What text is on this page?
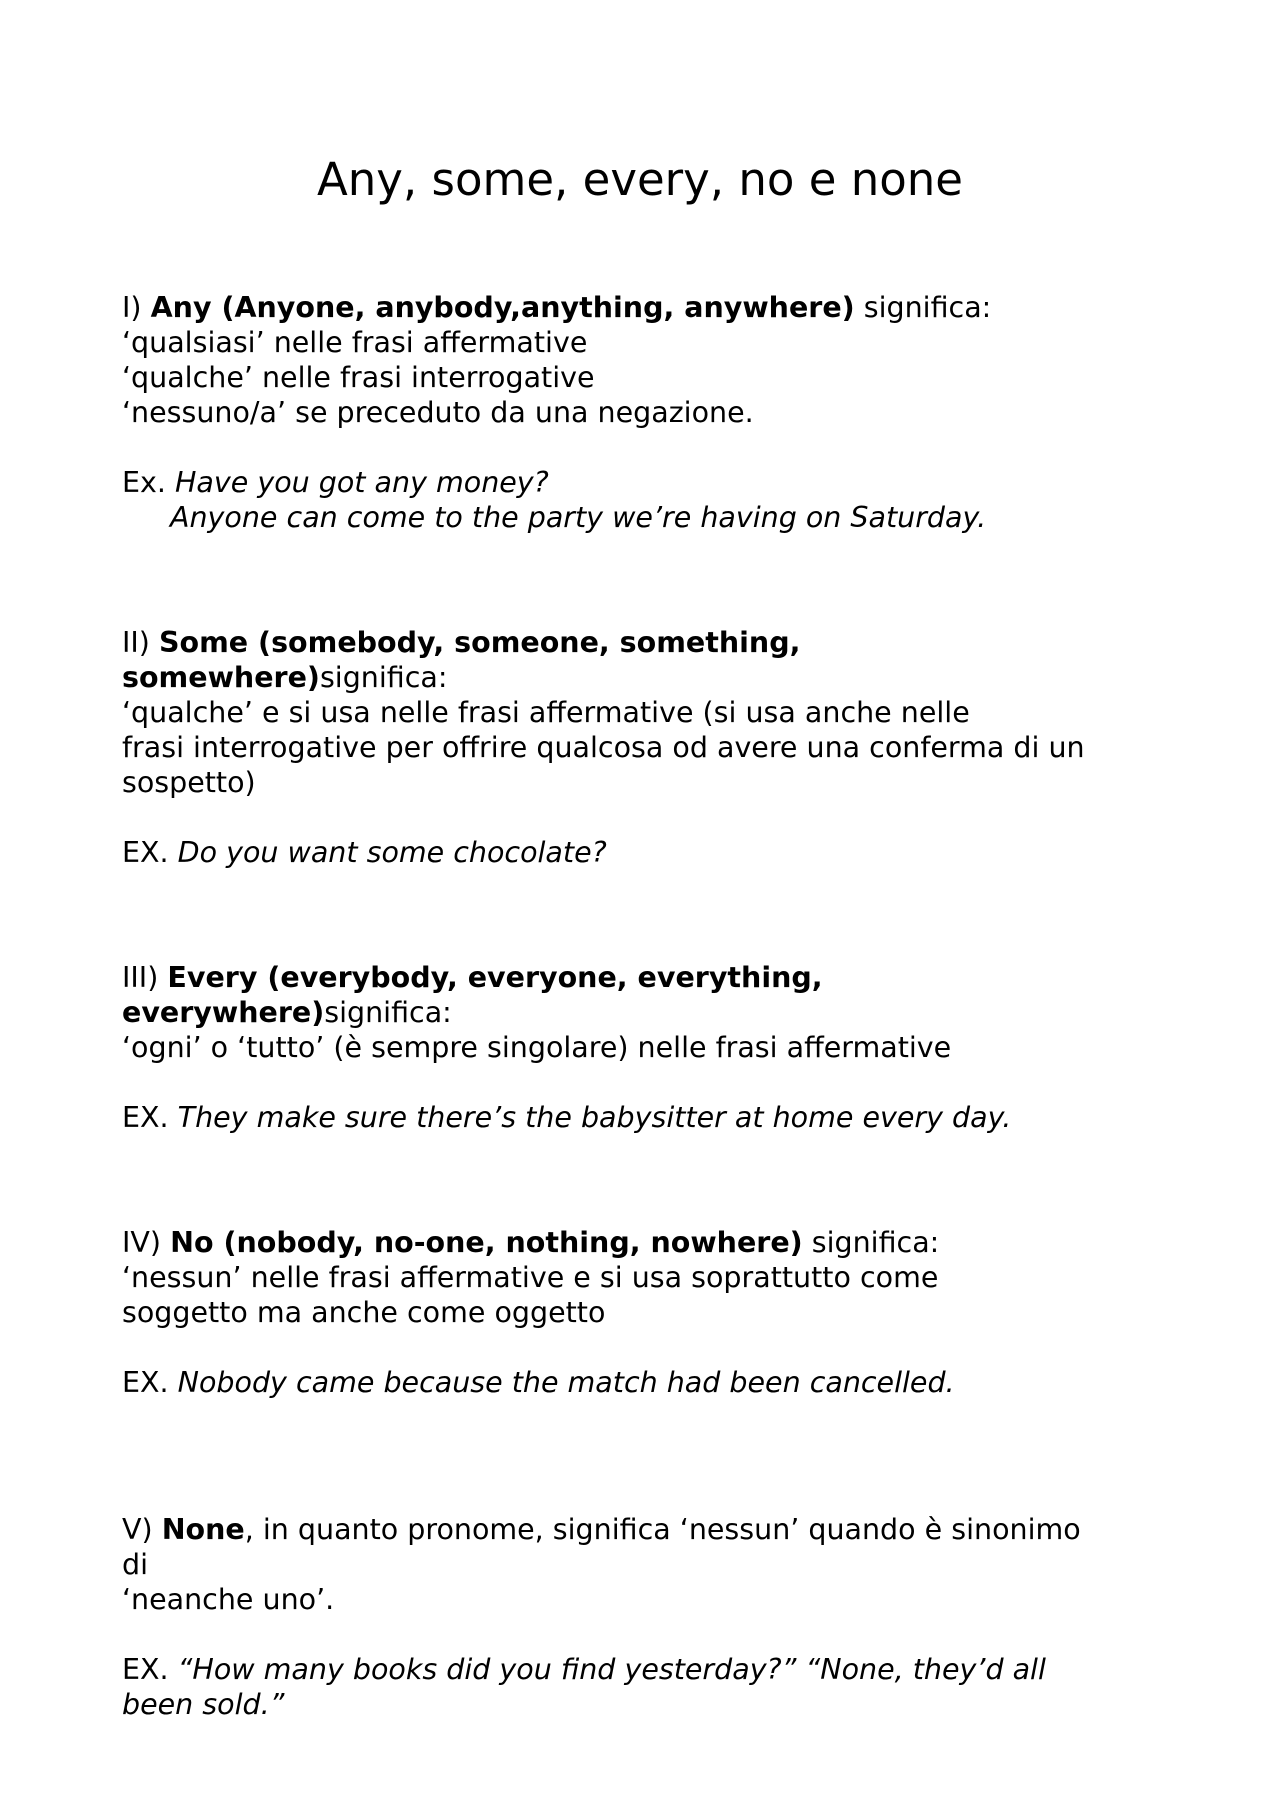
Any, some, every, no e none
I) Any (Anyone, anybody,anything, anywhere) significa:
‘qualsiasi’ nelle frasi affermative
‘qualche’ nelle frasi interrogative
‘nessuno/a’ se preceduto da una negazione.
Ex. Have you got any money?
Anyone can come to the party we’re having on Saturday.
II) Some (somebody, someone, something,
somewhere)significa:
‘qualche’ e si usa nelle frasi affermative (si usa anche nelle
frasi interrogative per offrire qualcosa od avere una conferma di un
sospetto)
EX. Do you want some chocolate?
III) Every (everybody, everyone, everything,
everywhere)significa:
‘ogni’ o ‘tutto’ (è sempre singolare) nelle frasi affermative
EX. They make sure there’s the babysitter at home every day.
IV) No (nobody, no-one, nothing, nowhere) significa:
‘nessun’ nelle frasi affermative e si usa soprattutto come
soggetto ma anche come oggetto
EX. Nobody came because the match had been cancelled.
V) None, in quanto pronome, significa ‘nessun’ quando è sinonimo
di
‘neanche uno’.
EX. “How many books did you find yesterday?” “None, they’d all
been sold.”
